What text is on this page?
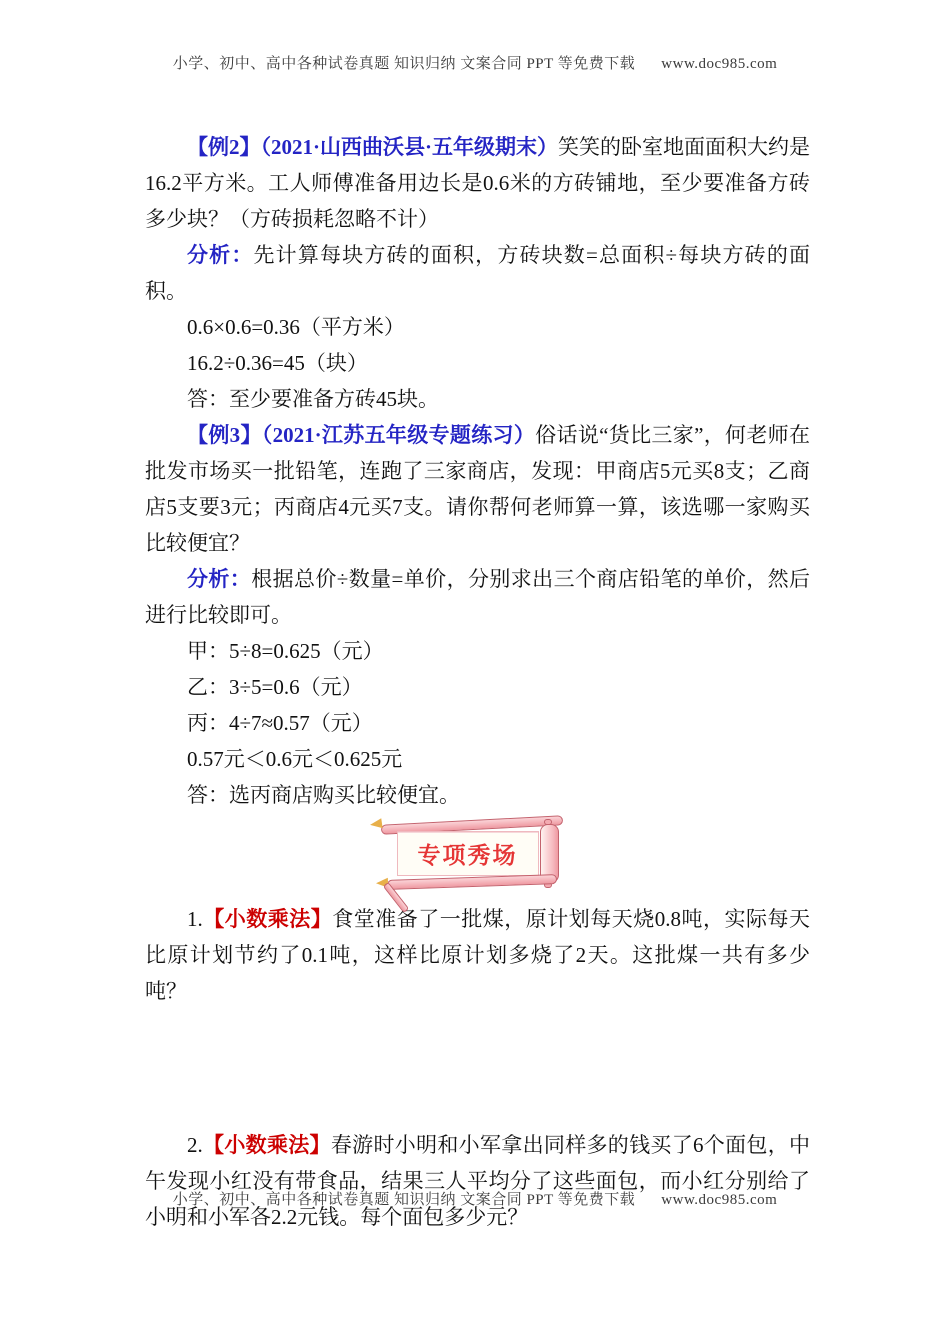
小学、初中、高中各种试卷真题 知识归纳 文案合同 PPT 等免费下载 www.doc985.com

【例2】（2021·山西曲沃县·五年级期末）笑笑的卧室地面面积大约是16.2平方米。工人师傅准备用边长是0.6米的方砖铺地，至少要准备方砖多少块？（方砖损耗忽略不计）

分析：先计算每块方砖的面积，方砖块数=总面积÷每块方砖的面积。

0.6×0.6=0.36（平方米）

16.2÷0.36=45（块）

答：至少要准备方砖45块。

【例3】（2021·江苏五年级专题练习）俗话说“货比三家”，何老师在批发市场买一批铅笔，连跑了三家商店，发现：甲商店5元买8支；乙商店5支要3元；丙商店4元买7支。请你帮何老师算一算，该选哪一家购买比较便宜？

分析：根据总价÷数量=单价，分别求出三个商店铅笔的单价，然后进行比较即可。

甲：5÷8=0.625（元）

乙：3÷5=0.6（元）

丙：4÷7≈0.57（元）

0.57元＜0.6元＜0.625元

答：选丙商店购买比较便宜。

专项秀场

1.【小数乘法】食堂准备了一批煤，原计划每天烧0.8吨，实际每天比原计划节约了0.1吨，这样比原计划多烧了2天。这批煤一共有多少吨？

2.【小数乘法】春游时小明和小军拿出同样多的钱买了6个面包，中午发现小红没有带食品，结果三人平均分了这些面包，而小红分别给了小明和小军各2.2元钱。每个面包多少元？

小学、初中、高中各种试卷真题 知识归纳 文案合同 PPT 等免费下载 www.doc985.com
